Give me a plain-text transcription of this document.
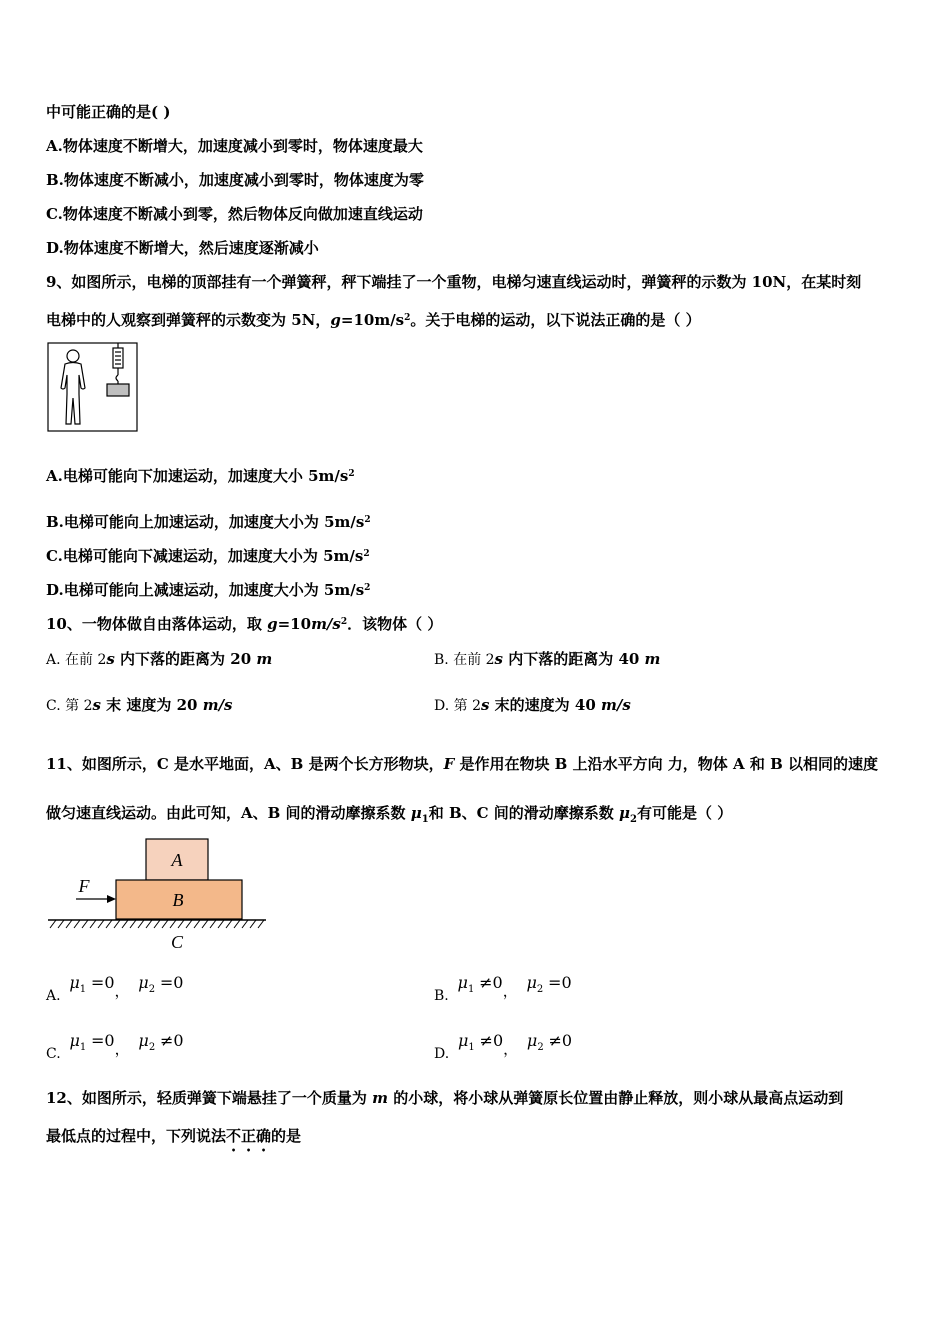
中可能正确的是( )
A.物体速度不断增大，加速度减小到零时，物体速度最大
B.物体速度不断减小，加速度减小到零时，物体速度为零
C.物体速度不断减小到零，然后物体反向做加速直线运动
D.物体速度不断增大，然后速度逐渐减小
9、如图所示，电梯的顶部挂有一个弹簧秤，秤下端挂了一个重物，电梯匀速直线运动时，弹簧秤的示数为 10N，在某时刻
电梯中的人观察到弹簧秤的示数变为 5N，$g=10m/s^2$。关于电梯的运动，以下说法正确的是（ ）
A.电梯可能向下加速运动，加速度大小 $5m/s^2$
B.电梯可能向上加速运动，加速度大小为 $5m/s^2$
C.电梯可能向下减速运动，加速度大小为 $5m/s^2$
D.电梯可能向上减速运动，加速度大小为 $5m/s^2$
10、一物体做自由落体运动，取 $g=10m/s^2$．该物体（ ）
A. 在前 2s 内下落的距离为 20 m	B. 在前 2s 内下落的距离为 40 m
C. 第 2s 末 速度为 20 m/s	D. 第 2s 末的速度为 40 m/s
11、如图所示，C 是水平地面，A、B 是两个长方形物块，F 是作用在物块 B 上沿水平方向 力，物体 A 和 B 以相同的速度
做匀速直线运动。由此可知，A、B 间的滑动摩擦系数 $\mu_1$和 B、C 间的滑动摩擦系数 $\mu_2$有可能是（ ）
A
B
F
C
A. $\mu_1 =0$， $\mu_2 =0$
B. $\mu_1 \ne 0$， $\mu_2 =0$
C. $\mu_1 =0$， $\mu_2 \ne 0$
D. $\mu_1 \ne 0$， $\mu_2 \ne 0$
12、如图所示，轻质弹簧下端悬挂了一个质量为 m 的小球，将小球从弹簧原长位置由静止释放，则小球从最高点运动到
最低点的过程中，下列说法不正确的是
